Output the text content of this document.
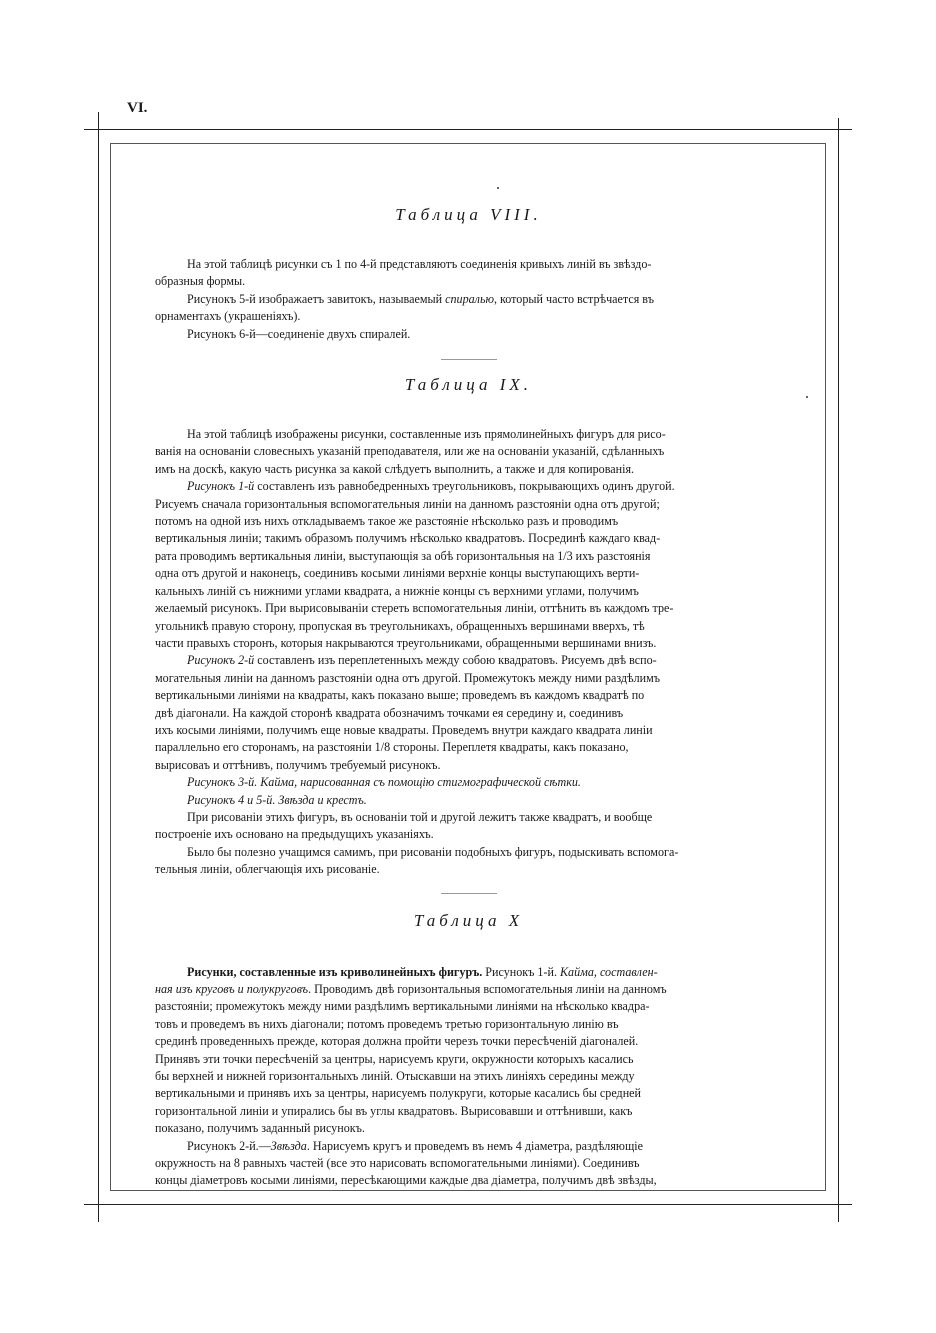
VI.
Таблица VIII.
На этой таблицѣ рисунки съ 1 по 4-й представляютъ соединенія кривыхъ линій въ звѣздо-
образныя формы.
Рисунокъ 5-й изображаетъ завитокъ, называемый спиралью, который часто встрѣчается въ
орнаментахъ (украшеніяхъ).
Рисунокъ 6-й—соединеніе двухъ спиралей.
Таблица IX.
На этой таблицѣ изображены рисунки, составленные изъ прямолинейныхъ фигуръ для рисо-
ванія на основаніи словесныхъ указаній преподавателя, или же на основаніи указаній, сдѣланныхъ
имъ на доскѣ, какую часть рисунка за какой слѣдуетъ выполнить, а также и для копированія.
Рисунокъ 1-й составленъ изъ равнобедренныхъ треугольниковъ, покрывающихъ одинъ другой.
Рисуемъ сначала горизонтальныя вспомогательныя линіи на данномъ разстояніи одна отъ другой;
потомъ на одной изъ нихъ откладываемъ такое же разстояніе нѣсколько разъ и проводимъ
вертикальныя линіи; такимъ образомъ получимъ нѣсколько квадратовъ. Посрединѣ каждаго квад-
рата проводимъ вертикальныя линіи, выступающія за обѣ горизонтальныя на 1/3 ихъ разстоянія
одна отъ другой и наконецъ, соединивъ косыми линіями верхніе концы выступающихъ верти-
кальныхъ линій съ нижними углами квадрата, а нижніе концы съ верхними углами, получимъ
желаемый рисунокъ. При вырисовываніи стереть вспомогательныя линіи, оттѣнить въ каждомъ тре-
угольникѣ правую сторону, пропуская въ треугольникахъ, обращенныхъ вершинами вверхъ, тѣ
части правыхъ сторонъ, которыя накрываются треугольниками, обращенными вершинами внизъ.
Рисунокъ 2-й составленъ изъ переплетенныхъ между собою квадратовъ. Рисуемъ двѣ вспо-
могательныя линіи на данномъ разстояніи одна отъ другой. Промежутокъ между ними раздѣлимъ
вертикальными линіями на квадраты, какъ показано выше; проведемъ въ каждомъ квадратѣ по
двѣ діагонали. На каждой сторонѣ квадрата обозначимъ точками ея середину и, соединивъ
ихъ косыми линіями, получимъ еще новые квадраты. Проведемъ внутри каждаго квадрата линіи
параллельно его сторонамъ, на разстояніи 1/8 стороны. Переплетя квадраты, какъ показано,
вырисоваъ и оттѣнивъ, получимъ требуемый рисунокъ.
Рисунокъ 3-й. Кайма, нарисованная съ помощію стигмографической сѣтки.
Рисунокъ 4 и 5-й. Звѣзда и крестъ.
При рисованіи этихъ фигуръ, въ основаніи той и другой лежитъ также квадратъ, и вообще
построеніе ихъ основано на предыдущихъ указаніяхъ.
Было бы полезно учащимся самимъ, при рисованіи подобныхъ фигуръ, подыскивать вспомога-
тельныя линіи, облегчающія ихъ рисованіе.
Таблица X
Рисунки, составленные изъ криволинейныхъ фигуръ. Рисунокъ 1-й. Кайма, составлен-
ная изъ круговъ и полукруговъ. Проводимъ двѣ горизонтальныя вспомогательныя линіи на данномъ
разстояніи; промежутокъ между ними раздѣлимъ вертикальными линіями на нѣсколько квадра-
товъ и проведемъ въ нихъ діагонали; потомъ проведемъ третью горизонтальную линію въ
срединѣ проведенныхъ прежде, которая должна пройти черезъ точки пересѣченій діагоналей.
Принявъ эти точки пересѣченій за центры, нарисуемъ круги, окружности которыхъ касались
бы верхней и нижней горизонтальныхъ линій. Отыскавши на этихъ линіяхъ середины между
вертикальными и принявъ ихъ за центры, нарисуемъ полукруги, которые касались бы средней
горизонтальной линіи и упирались бы въ углы квадратовъ. Вырисовавши и оттѣнивши, какъ
показано, получимъ заданный рисунокъ.
Рисунокъ 2-й.—Звѣзда. Нарисуемъ кругъ и проведемъ въ немъ 4 діаметра, раздѣляющіе
окружность на 8 равныхъ частей (все это нарисовать вспомогательными линіями). Соединивъ
концы діаметровъ косыми линіями, пересѣкающими каждые два діаметра, получимъ двѣ звѣзды,
